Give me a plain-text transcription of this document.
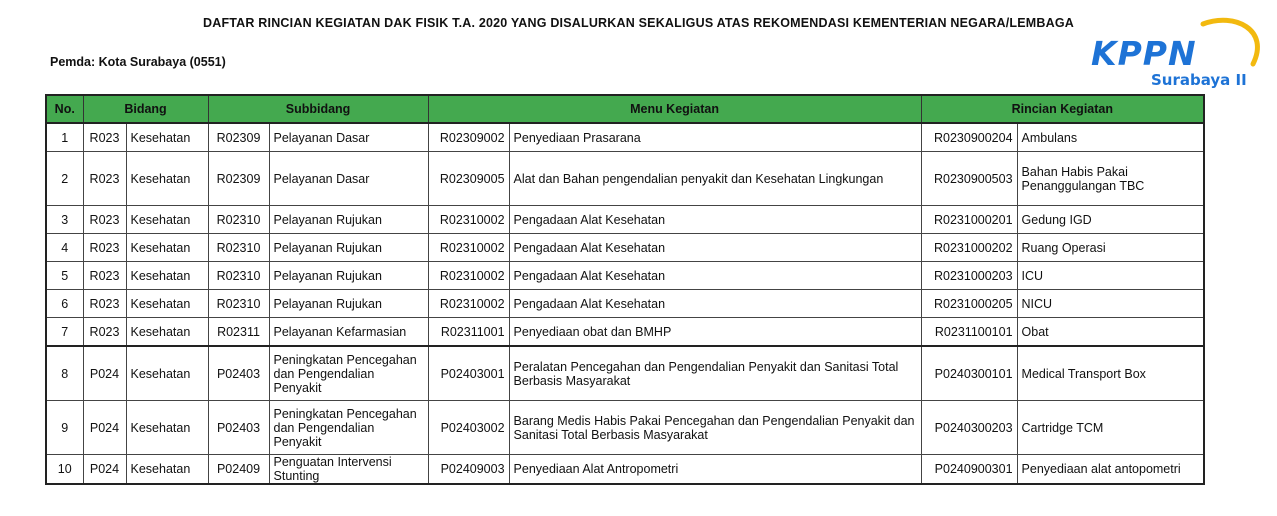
DAFTAR RINCIAN KEGIATAN DAK FISIK T.A. 2020 YANG DISALURKAN SEKALIGUS ATAS REKOMENDASI KEMENTERIAN NEGARA/LEMBAGA
Pemda: Kota Surabaya (0551)	KPPN
Surabaya II
No.	Bidang		Subbidang		Menu Kegiatan		Rincian Kegiatan	
1	R023	Kesehatan	R02309	Pelayanan Dasar	R02309002	Penyediaan Prasarana	R0230900204	Ambulans
2	R023	Kesehatan	R02309	Pelayanan Dasar	R02309005	Alat dan Bahan pengendalian penyakit dan Kesehatan Lingkungan	R0230900503	Bahan Habis Pakai Penanggulangan TBC
3	R023	Kesehatan	R02310	Pelayanan Rujukan	R02310002	Pengadaan Alat Kesehatan	R0231000201	Gedung IGD
4	R023	Kesehatan	R02310	Pelayanan Rujukan	R02310002	Pengadaan Alat Kesehatan	R0231000202	Ruang Operasi
5	R023	Kesehatan	R02310	Pelayanan Rujukan	R02310002	Pengadaan Alat Kesehatan	R0231000203	ICU
6	R023	Kesehatan	R02310	Pelayanan Rujukan	R02310002	Pengadaan Alat Kesehatan	R0231000205	NICU
7	R023	Kesehatan	R02311	Pelayanan Kefarmasian	R02311001	Penyediaan obat dan BMHP	R0231100101	Obat
8	P024	Kesehatan	P02403	Peningkatan Pencegahan dan Pengendalian Penyakit	P02403001	Peralatan Pencegahan dan Pengendalian Penyakit dan Sanitasi Total Berbasis Masyarakat	P0240300101	Medical Transport Box
9	P024	Kesehatan	P02403	Peningkatan Pencegahan dan Pengendalian Penyakit	P02403002	Barang Medis Habis Pakai Pencegahan dan Pengendalian Penyakit dan Sanitasi Total Berbasis Masyarakat	P0240300203	Cartridge TCM
10	P024	Kesehatan	P02409	Penguatan Intervensi Stunting	P02409003	Penyediaan Alat Antropometri	P0240900301	Penyediaan alat antopometri
